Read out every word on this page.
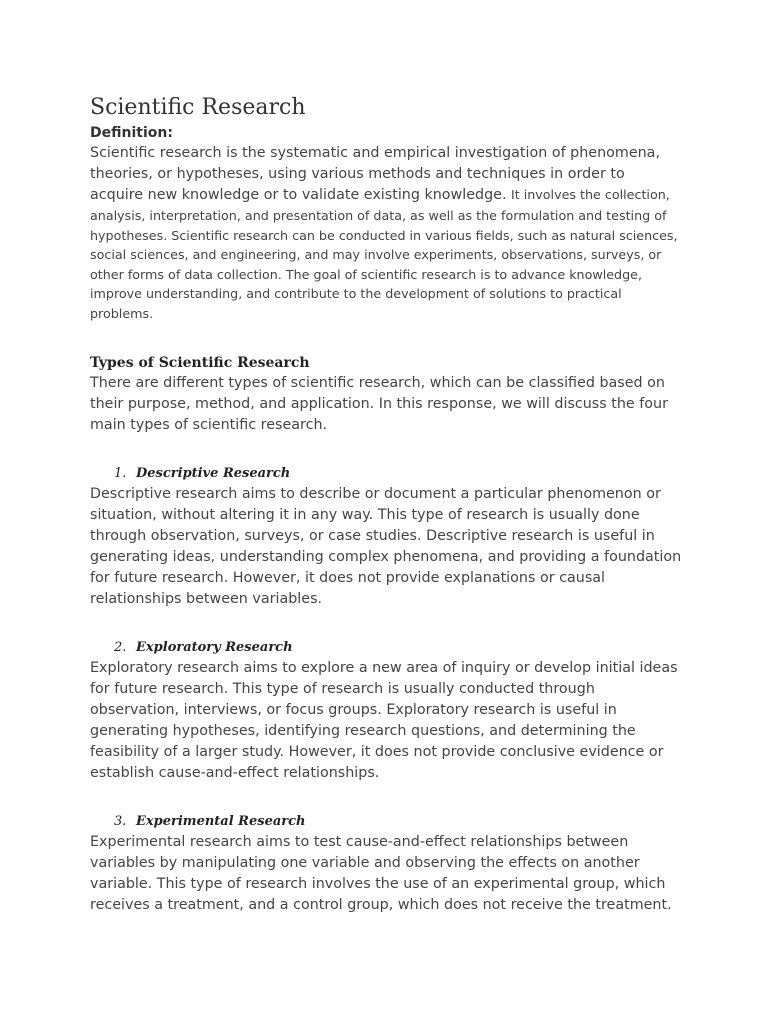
Scientific Research
Definition:

Scientific research is the systematic and empirical investigation of phenomena, theories, or hypotheses, using various methods and techniques in order to acquire new knowledge or to validate existing knowledge. It involves the collection, analysis, interpretation, and presentation of data, as well as the formulation and testing of hypotheses. Scientific research can be conducted in various fields, such as natural sciences, social sciences, and engineering, and may involve experiments, observations, surveys, or other forms of data collection. The goal of scientific research is to advance knowledge, improve understanding, and contribute to the development of solutions to practical problems.

Types of Scientific Research

There are different types of scientific research, which can be classified based on their purpose, method, and application. In this response, we will discuss the four main types of scientific research.

1. Descriptive Research

Descriptive research aims to describe or document a particular phenomenon or situation, without altering it in any way. This type of research is usually done through observation, surveys, or case studies. Descriptive research is useful in generating ideas, understanding complex phenomena, and providing a foundation for future research. However, it does not provide explanations or causal relationships between variables.

2. Exploratory Research

Exploratory research aims to explore a new area of inquiry or develop initial ideas for future research. This type of research is usually conducted through observation, interviews, or focus groups. Exploratory research is useful in generating hypotheses, identifying research questions, and determining the feasibility of a larger study. However, it does not provide conclusive evidence or establish cause-and-effect relationships.

3. Experimental Research

Experimental research aims to test cause-and-effect relationships between variables by manipulating one variable and observing the effects on another variable. This type of research involves the use of an experimental group, which receives a treatment, and a control group, which does not receive the treatment.
